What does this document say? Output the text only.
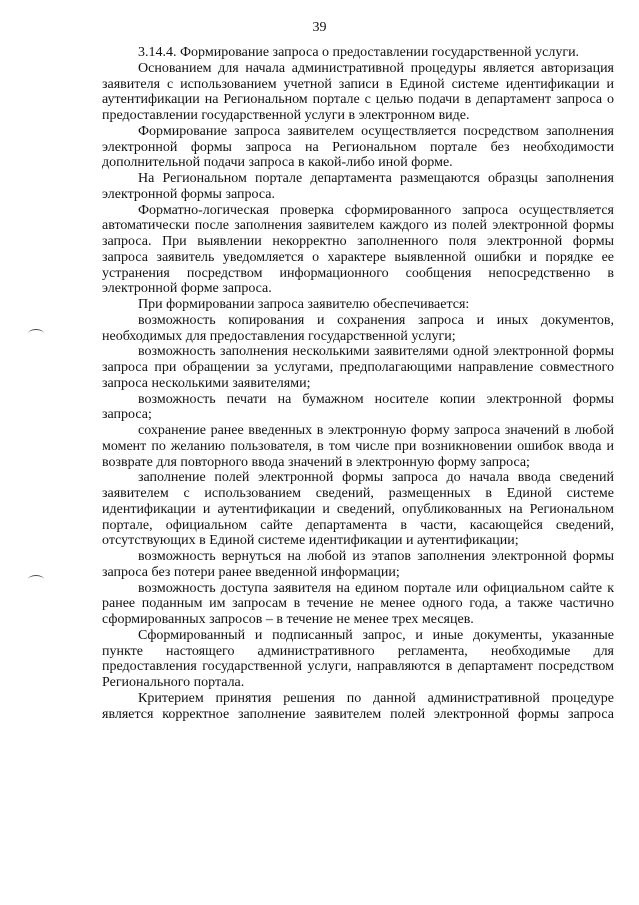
39

3.14.4. Формирование запроса о предоставлении государственной услуги.

Основанием для начала административной процедуры является авторизация заявителя с использованием учетной записи в Единой системе идентификации и аутентификации на Региональном портале с целью подачи в департамент запроса о предоставлении государственной услуги в электронном виде.

Формирование запроса заявителем осуществляется посредством заполнения электронной формы запроса на Региональном портале без необходимости дополнительной подачи запроса в какой-либо иной форме.

На Региональном портале департамента размещаются образцы заполнения электронной формы запроса.

Форматно-логическая проверка сформированного запроса осуществляется автоматически после заполнения заявителем каждого из полей электронной формы запроса. При выявлении некорректно заполненного поля электронной формы запроса заявитель уведомляется о характере выявленной ошибки и порядке ее устранения посредством информационного сообщения непосредственно в электронной форме запроса.

При формировании запроса заявителю обеспечивается:

возможность копирования и сохранения запроса и иных документов, необходимых для предоставления государственной услуги;

возможность заполнения несколькими заявителями одной электронной формы запроса при обращении за услугами, предполагающими направление совместного запроса несколькими заявителями;

возможность печати на бумажном носителе копии электронной формы запроса;

сохранение ранее введенных в электронную форму запроса значений в любой момент по желанию пользователя, в том числе при возникновении ошибок ввода и возврате для повторного ввода значений в электронную форму запроса;

заполнение полей электронной формы запроса до начала ввода сведений заявителем с использованием сведений, размещенных в Единой системе идентификации и аутентификации и сведений, опубликованных на Региональном портале, официальном сайте департамента в части, касающейся сведений, отсутствующих в Единой системе идентификации и аутентификации;

возможность вернуться на любой из этапов заполнения электронной формы запроса без потери ранее введенной информации;

возможность доступа заявителя на едином портале или официальном сайте к ранее поданным им запросам в течение не менее одного года, а также частично сформированных запросов – в течение не менее трех месяцев.

Сформированный и подписанный запрос, и иные документы, указанные пункте настоящего административного регламента, необходимые для предоставления государственной услуги, направляются в департамент посредством Регионального портала.

Критерием принятия решения по данной административной процедуре является корректное заполнение заявителем полей электронной формы запроса
